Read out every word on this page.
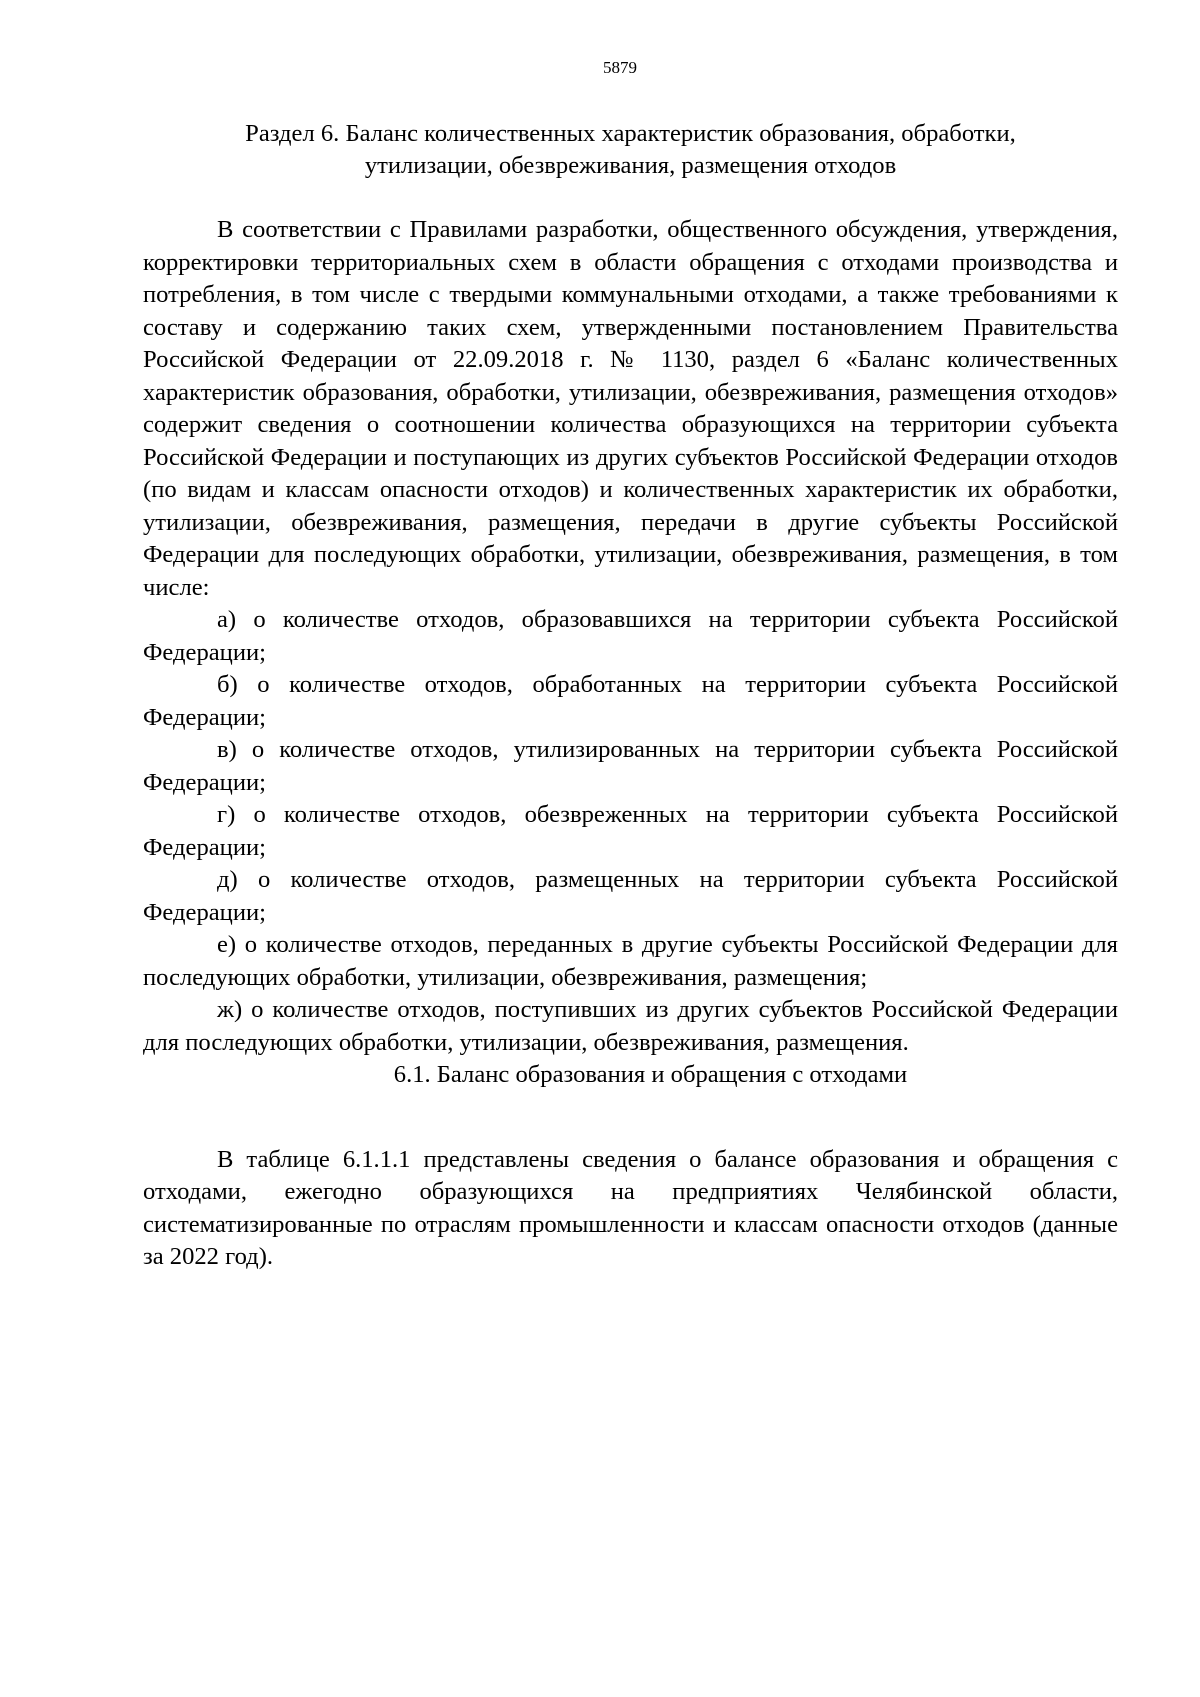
5879
Раздел 6. Баланс количественных характеристик образования, обработки,
утилизации, обезвреживания, размещения отходов

В соответствии с Правилами разработки, общественного обсуждения, утверждения, корректировки территориальных схем в области обращения с отходами производства и потребления, в том числе с твердыми коммунальными отходами, а также требованиями к составу и содержанию таких схем, утвержденными постановлением Правительства Российской Федерации от 22.09.2018 г. № 1130, раздел 6 «Баланс количественных характеристик образования, обработки, утилизации, обезвреживания, размещения отходов» содержит сведения о соотношении количества образующихся на территории субъекта Российской Федерации и поступающих из других субъектов Российской Федерации отходов (по видам и классам опасности отходов) и количественных характеристик их обработки, утилизации, обезвреживания, размещения, передачи в другие субъекты Российской Федерации для последующих обработки, утилизации, обезвреживания, размещения, в том числе:

а) о количестве отходов, образовавшихся на территории субъекта Российской Федерации;

б) о количестве отходов, обработанных на территории субъекта Российской Федерации;

в) о количестве отходов, утилизированных на территории субъекта Российской Федерации;

г) о количестве отходов, обезвреженных на территории субъекта Российской Федерации;

д) о количестве отходов, размещенных на территории субъекта Российской Федерации;

е) о количестве отходов, переданных в другие субъекты Российской Федерации для последующих обработки, утилизации, обезвреживания, размещения;

ж) о количестве отходов, поступивших из других субъектов Российской Федерации для последующих обработки, утилизации, обезвреживания, размещения.

6.1. Баланс образования и обращения с отходами

В таблице 6.1.1.1 представлены сведения о балансе образования и обращения с отходами, ежегодно образующихся на предприятиях Челябинской области, систематизированные по отраслям промышленности и классам опасности отходов (данные за 2022 год).
